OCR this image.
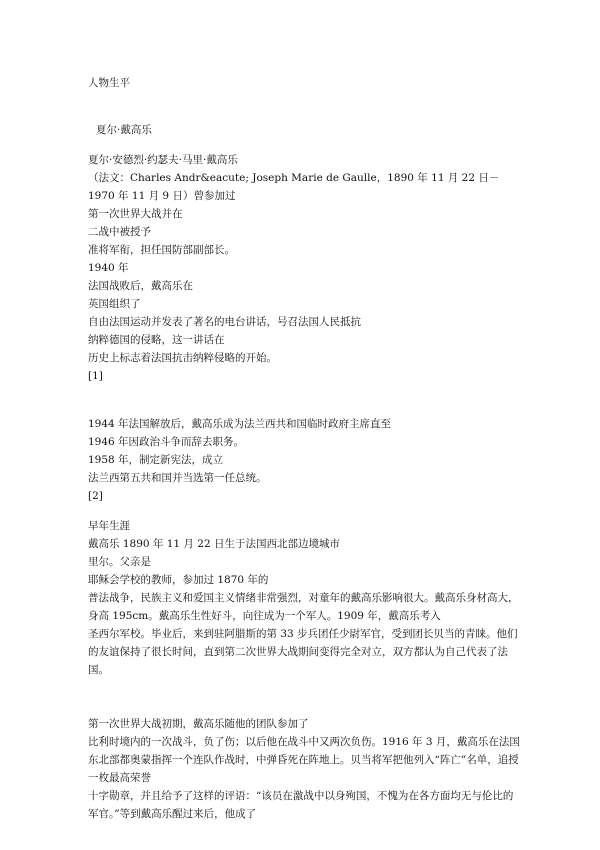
人物生平

夏尔·戴高乐

夏尔·安德烈·约瑟夫·马里·戴高乐

（法文：Charles Andr&eacute; Joseph Marie de Gaulle，1890 年 11 月 22 日－1970 年 11 月 9 日）曾参加过

第一次世界大战并在

二战中被授予

准将军衔，担任国防部副部长。

1940 年

法国战败后，戴高乐在

英国组织了

自由法国运动并发表了著名的电台讲话，号召法国人民抵抗

纳粹德国的侵略，这一讲话在

历史上标志着法国抗击纳粹侵略的开始。

[1]

1944 年法国解放后，戴高乐成为法兰西共和国临时政府主席直至

1946 年因政治斗争而辞去职务。

1958 年，制定新宪法，成立

法兰西第五共和国并当选第一任总统。

[2]

早年生涯

戴高乐 1890 年 11 月 22 日生于法国西北部边境城市

里尔。父亲是

耶稣会学校的教师，参加过 1870 年的

普法战争，民族主义和爱国主义情绪非常强烈，对童年的戴高乐影响很大。戴高乐身材高大，身高 195cm。戴高乐生性好斗，向往成为一个军人。1909 年，戴高乐考入

圣西尔军校。毕业后，来到驻阿腊斯的第 33 步兵团任少尉军官，受到团长贝当的青睐。他们的友谊保持了很长时间，直到第二次世界大战期间变得完全对立，双方都认为自己代表了法国。

第一次世界大战初期，戴高乐随他的团队参加了

比利时境内的一次战斗，负了伤；以后他在战斗中又两次负伤。1916 年 3 月，戴高乐在法国东北部都奥蒙指挥一个连队作战时，中弹昏死在阵地上。贝当将军把他列入“阵亡”名单，追授一枚最高荣誉

十字勋章，并且给予了这样的评语：“该员在激战中以身殉国，不愧为在各方面均无与伦比的军官。”等到戴高乐醒过来后，他成了
